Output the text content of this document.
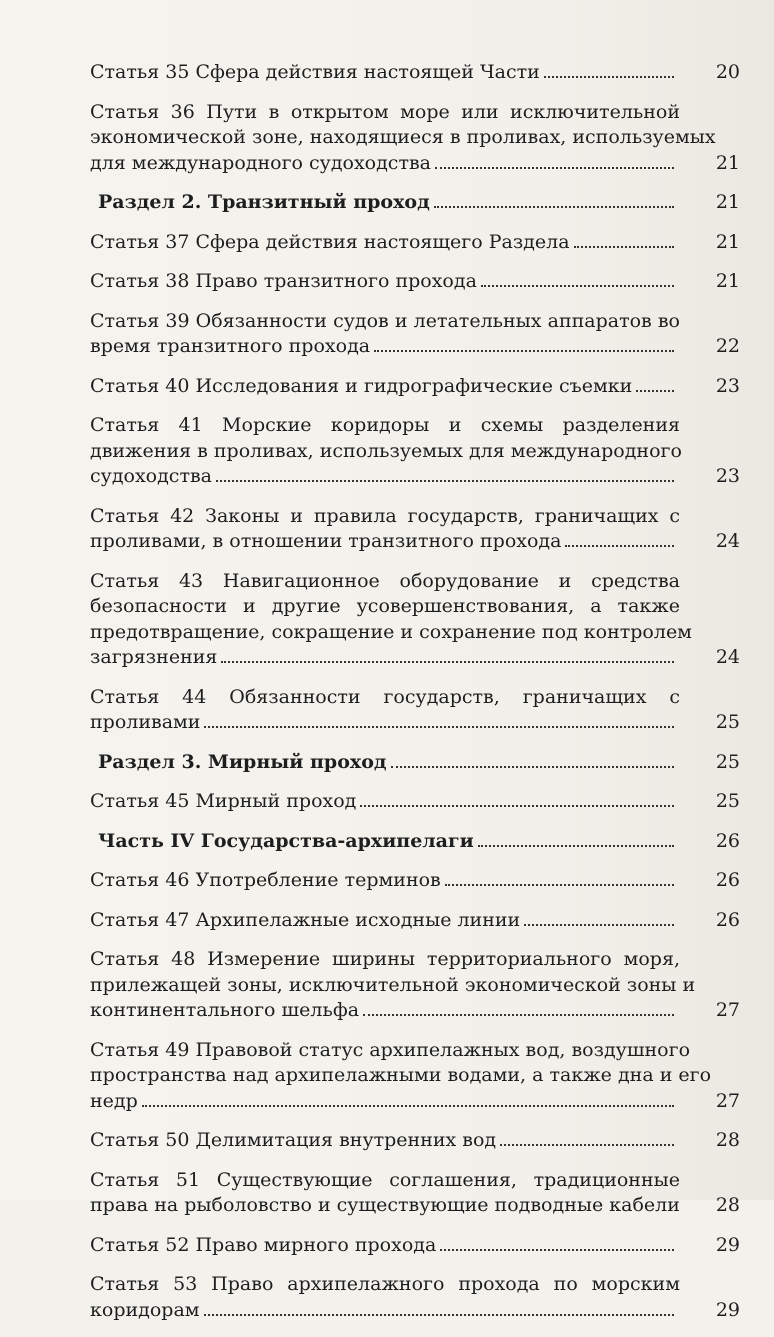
Статья 35 Сфера действия настоящей Части	20
Статья 36 Пути в открытом море или исключительной
экономической зоне, находящиеся в проливах, используемых
для международного судоходства	21
Раздел 2. Транзитный проход	21
Статья 37 Сфера действия настоящего Раздела	21
Статья 38 Право транзитного прохода	21
Статья 39 Обязанности судов и летательных аппаратов во
время транзитного прохода	22
Статья 40 Исследования и гидрографические съемки	23
Статья 41 Морские коридоры и схемы разделения
движения в проливах, используемых для международного
судоходства	23
Статья 42 Законы и правила государств, граничащих с
проливами, в отношении транзитного прохода	24
Статья 43 Навигационное оборудование и средства
безопасности и другие усовершенствования, а также
предотвращение, сокращение и сохранение под контролем
загрязнения	24
Статья 44 Обязанности государств, граничащих с
проливами	25
Раздел 3. Мирный проход	25
Статья 45 Мирный проход	25
Часть IV Государства-архипелаги	26
Статья 46 Употребление терминов	26
Статья 47 Архипелажные исходные линии	26
Статья 48 Измерение ширины территориального моря,
прилежащей зоны, исключительной экономической зоны и
континентального шельфа	27
Статья 49 Правовой статус архипелажных вод, воздушного
пространства над архипелажными водами, а также дна и его
недр	27
Статья 50 Делимитация внутренних вод	28
Статья 51 Существующие соглашения, традиционные
права на рыболовство и существующие подводные кабели 28
Статья 52 Право мирного прохода	29
Статья 53 Право архипелажного прохода по морским
коридорам	29
